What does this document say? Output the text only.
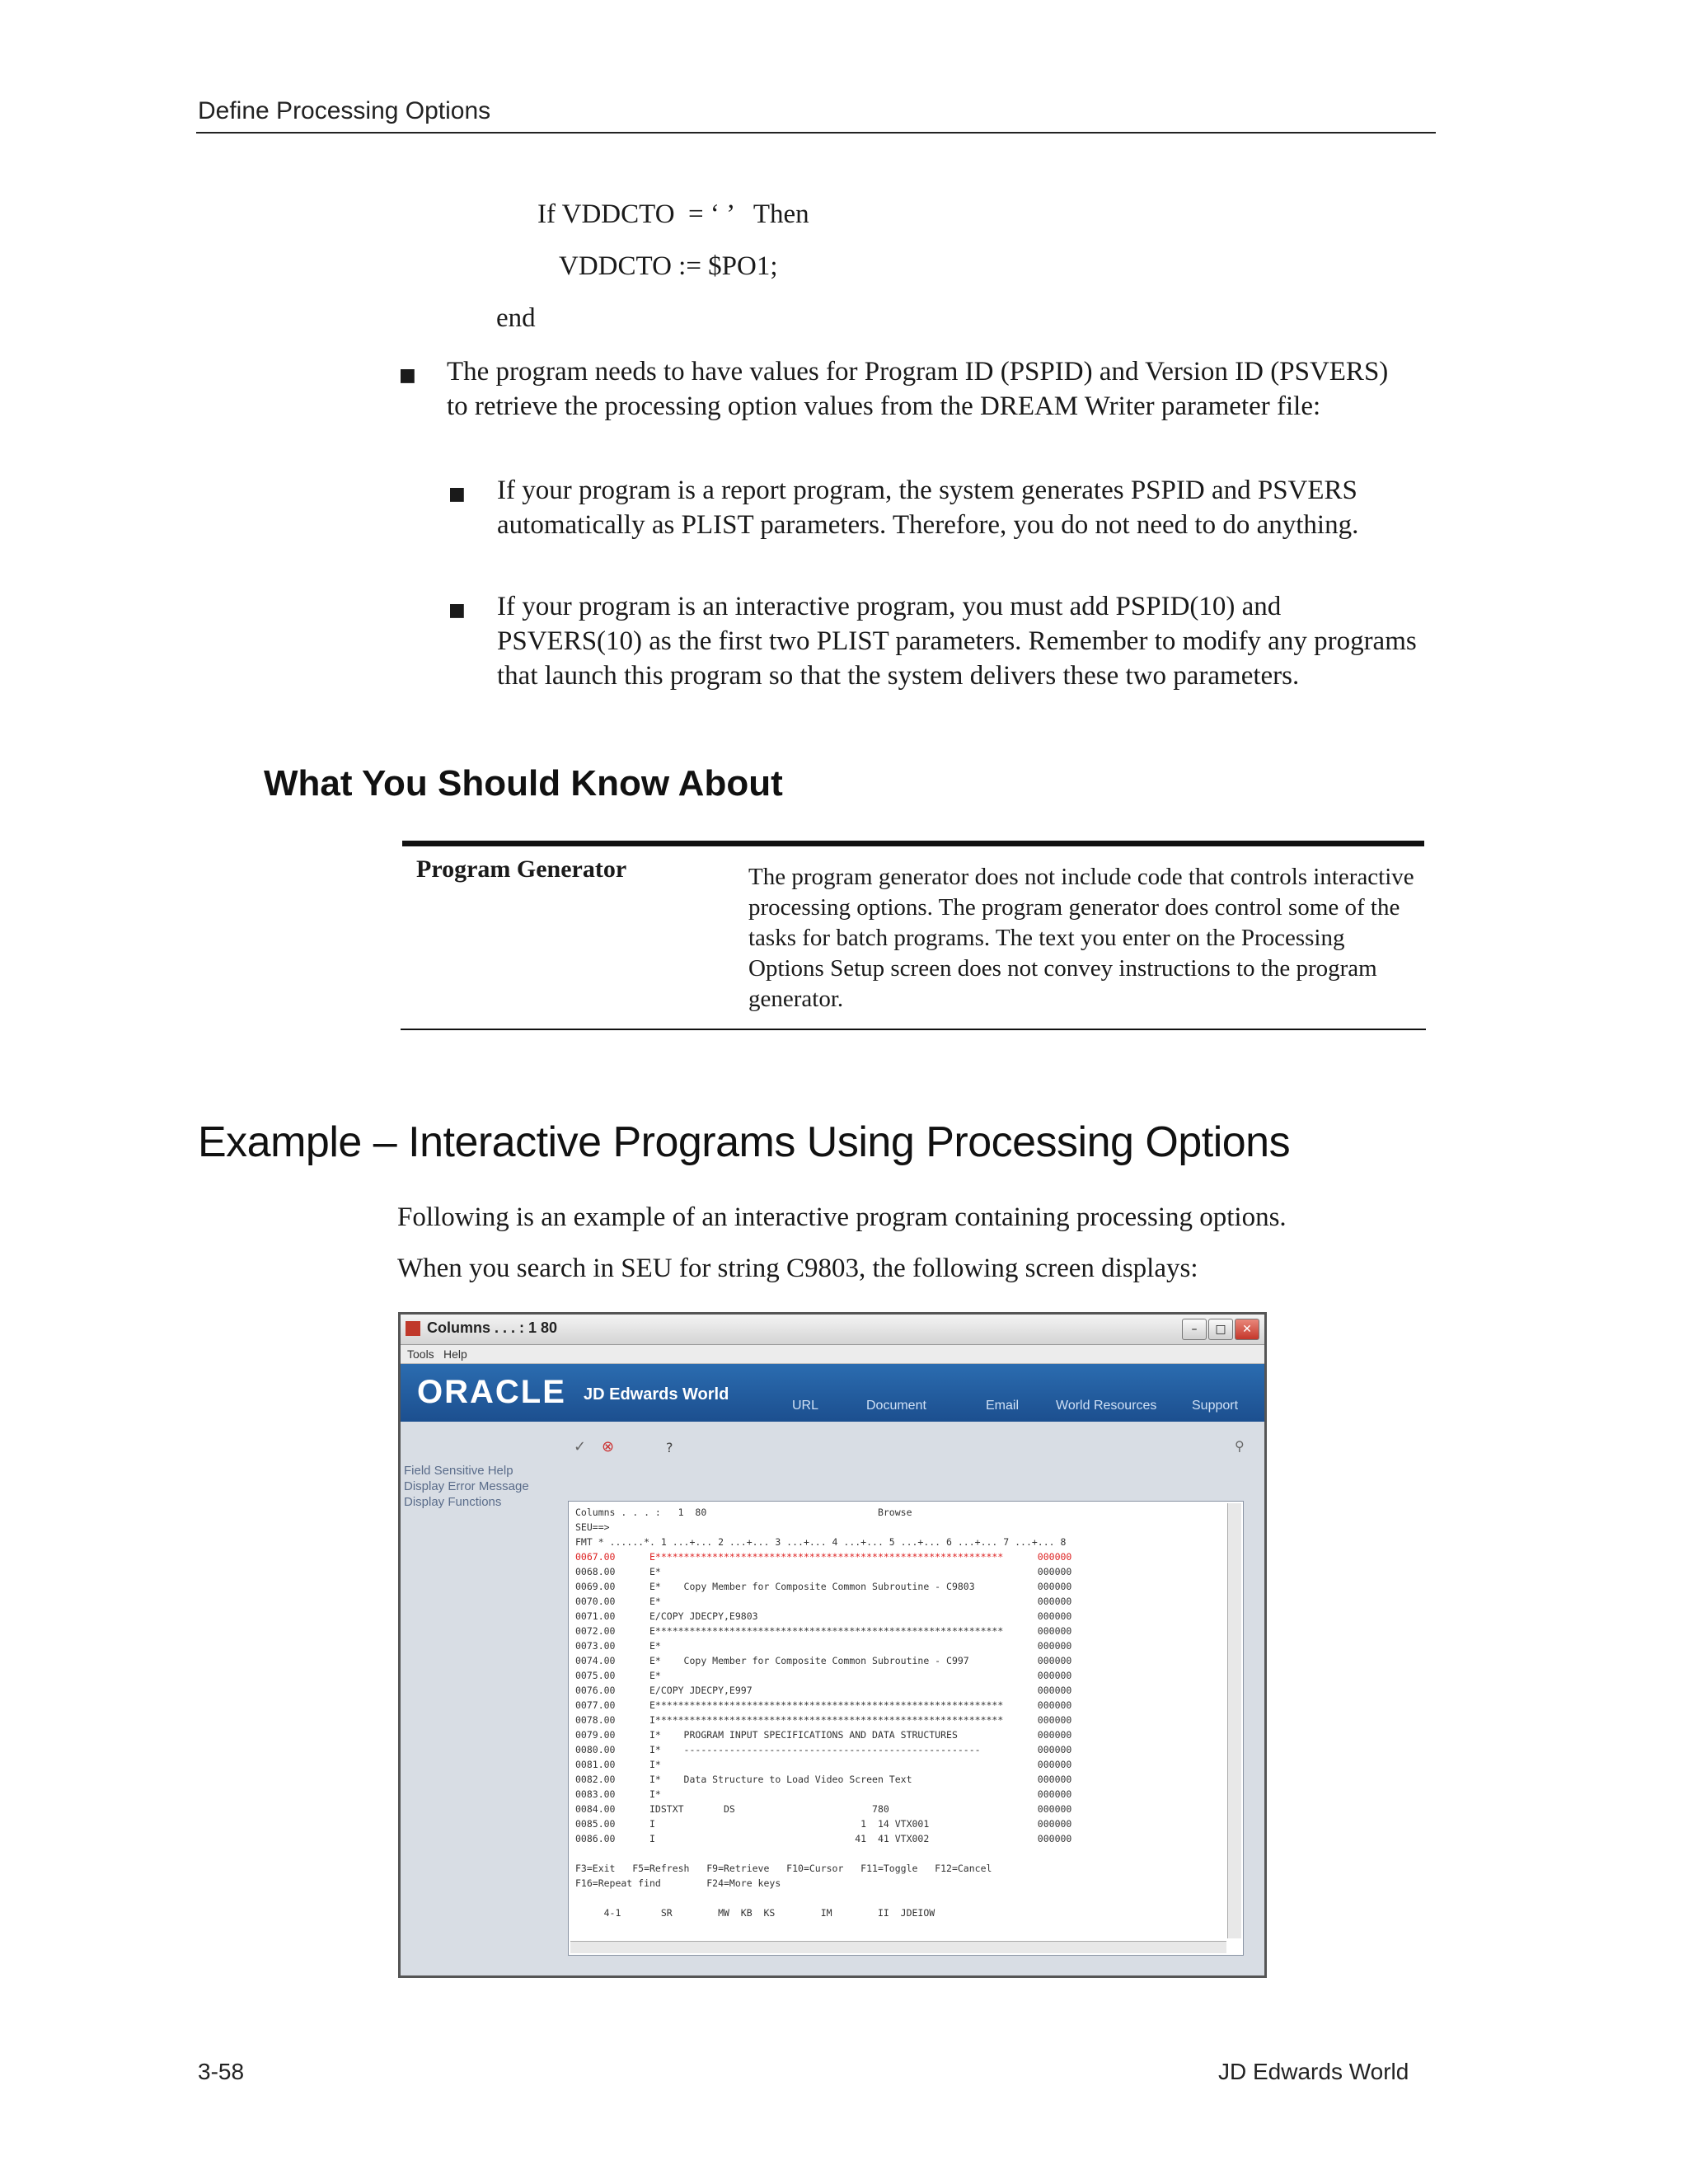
Define Processing Options
If VDDCTO  = ‘ ’   Then
VDDCTO := $PO1;
end
■ The program needs to have values for Program ID (PSPID) and Version ID (PSVERS) to retrieve the processing option values from the DREAM Writer parameter file:
■ If your program is a report program, the system generates PSPID and PSVERS automatically as PLIST parameters. Therefore, you do not need to do anything.
■ If your program is an interactive program, you must add PSPID(10) and PSVERS(10) as the first two PLIST parameters. Remember to modify any programs that launch this program so that the system delivers these two parameters.
What You Should Know About
Program Generator	The program generator does not include code that controls interactive processing options. The program generator does control some of the tasks for batch programs. The text you enter on the Processing Options Setup screen does not convey instructions to the program generator.
Example – Interactive Programs Using Processing Options
Following is an example of an interactive program containing processing options.
When you search in SEU for string C9803, the following screen displays:
Columns . . . : 1 80	–	□	✕
Tools Help
ORACLE JD Edwards World
URL	Document	Email	World Resources	Support
✓ ⊗	?	⚲
Field Sensitive Help
Display Error Message
Display Functions
Columns . . . :   1  80                              Browse
SEU==>
FMT * ......*. 1 ...+... 2 ...+... 3 ...+... 4 ...+... 5 ...+... 6 ...+... 7 ...+... 8
0067.00      E*************************************************************      000000
0068.00      E*                                                                  000000
0069.00      E*    Copy Member for Composite Common Subroutine - C9803           000000
0070.00      E*                                                                  000000
0071.00      E/COPY JDECPY,E9803                                                 000000
0072.00      E*************************************************************      000000
0073.00      E*                                                                  000000
0074.00      E*    Copy Member for Composite Common Subroutine - C997            000000
0075.00      E*                                                                  000000
0076.00      E/COPY JDECPY,E997                                                  000000
0077.00      E*************************************************************      000000
0078.00      I*************************************************************      000000
0079.00      I*    PROGRAM INPUT SPECIFICATIONS AND DATA STRUCTURES              000000
0080.00      I*    ----------------------------------------------------          000000
0081.00      I*                                                                  000000
0082.00      I*    Data Structure to Load Video Screen Text                      000000
0083.00      I*                                                                  000000
0084.00      IDSTXT       DS                        780                          000000
0085.00      I                                    1  14 VTX001                   000000
0086.00      I                                   41  41 VTX002                   000000
F3=Exit   F5=Refresh   F9=Retrieve   F10=Cursor   F11=Toggle   F12=Cancel
F16=Repeat find        F24=More keys
4-1       SR        MW  KB  KS        IM        II  JDEIOW
3-58	JD Edwards World
